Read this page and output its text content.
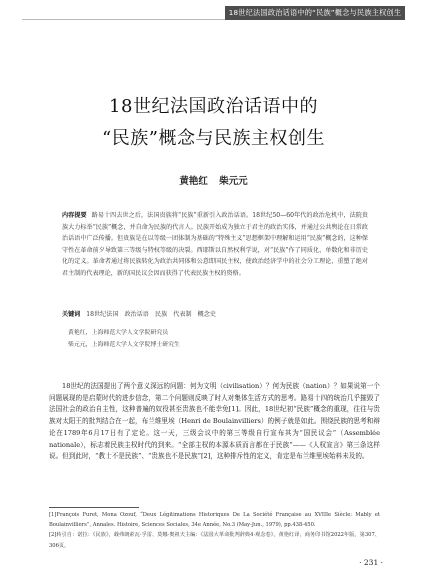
18世纪法国政治话语中的“民族”概念与民族主权创生
18世纪法国政治话语中的
“民族”概念与民族主权创生
黄艳红 柴元元
内容提要 路易十四去世之后，法国贵族将“民族”重新引入政治话语。18世纪50—60年代的政治危机中，法院贵族大力标举“民族”概念，并自命为民族的代言人。民族开始成为独立于君主的政治实体，并通过公共舆论在日常政治话语中广泛传播。但贵族是在以等级一团体制为基础的“特殊主义”思想框架中理解和运用“民族”概念的，这种保守性在革命前夕导致第三等级与特权等级的决裂。西耶斯以自然权利学说，对“民族”作了同质化、单数化和非历史化的定义。革命者通过将民族转化为政治共同体和公意即国民主权，使政治经济学中的社会分工理论，重塑了绝对君主制的代表理论，新的国民议会因而获得了代表民族主权的资格。
关键词 18世纪法国　政治话语　民族　代表制　概念史
黄艳红，上海师范大学人文学院研究员
柴元元，上海师范大学人文学院博士研究生
18世纪的法国提出了两个意义深远的问题：何为文明（civilisation）？何为民族（nation）？如果说第一个问题展现的是启蒙时代的进步信念，第二个问题则反映了时人对集体生活方式的思考。路易十四的统治几乎摧毁了法国社会的政治自主性，这种普遍的奴役甚至贵族也不能幸免[1]。因此，18世纪初“民族”概念的重现，往往与贵族对太阳王的批判结合在一起，布兰维里埃（Henri de Boulainvilliers）的例子就是如此。围绕民族的思考和辩论在1789年6月17日有了定论。这一天，三级会议中的第三等级自行宣布其为“国民议会”（Assemblée nationale），标志着民族主权时代的到来。“全部主权的本源本质而言都在于民族”——《人权宣言》第三条这样说。但到此时，“教士不是民族”、“贵族也不是民族”[2]，这种排斥性的定义，肯定是布兰维里埃始料未及的。

[1]François Furet, Mona Ozouf, “Deux Légitimations Historiques De La Société Française au XVIIIe Siècle: Mably et Boulainvilliers”, Annales. Histoire, Sciences Sociales, 34e Année, No.3 (May-Jun., 1979), pp.438-450.

[2]转引自：诺拉：《民族》，载弗朗索瓦·孚雷、莫娜·奥祖夫主编：《法国大革命批判辞典4·观念卷》，黄艳红译，商务印书馆2022年版，第307、306页。

· 231 ·
